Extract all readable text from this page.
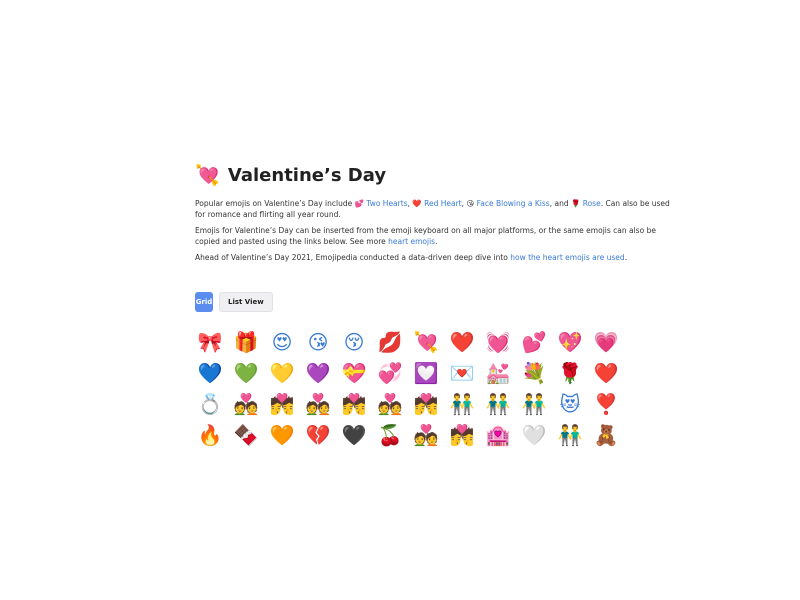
💘 Valentine’s Day

Popular emojis on Valentine’s Day include 💕 Two Hearts, ❤️ Red Heart, 😘 Face Blowing a Kiss, and 🌹 Rose. Can also be used for romance and flirting all year round.

Emojis for Valentine’s Day can be inserted from the emoji keyboard on all major platforms, or the same emojis can also be copied and pasted using the links below. See more heart emojis.

Ahead of Valentine’s Day 2021, Emojipedia conducted a data-driven deep dive into how the heart emojis are used.

Grid	List View
🎀 🎁 😍 😘 😚 💋 💘 ❤️ 💓 💕 💖 💗
💙 💚 💛 💜 💝 💞 💟 💌 💒 💐 🌹 ❤️
💍 💑 💏 💑 💏 💑 💏 👬 👬 👬 😻 ❣️
🔥 🍫 🧡 💔 🖤 🍒 💑 💏 🏩 🤍 👬 🧸
